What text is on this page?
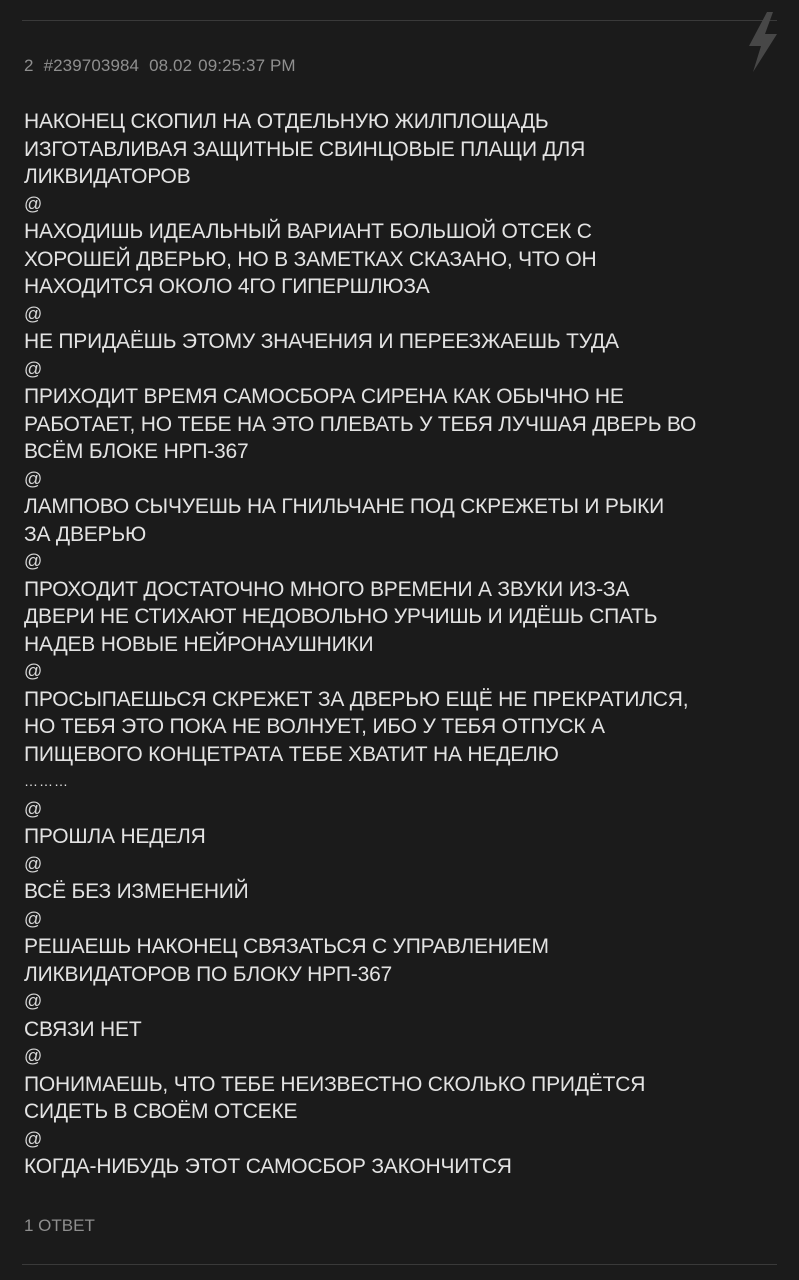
2 #239703984 08.02 09:25:37 PM
НАКОНЕЦ СКОПИЛ НА ОТДЕЛЬНУЮ ЖИЛПЛОЩАДЬ
ИЗГОТАВЛИВАЯ ЗАЩИТНЫЕ СВИНЦОВЫЕ ПЛАЩИ ДЛЯ
ЛИКВИДАТОРОВ
@
НАХОДИШЬ ИДЕАЛЬНЫЙ ВАРИАНТ БОЛЬШОЙ ОТСЕК С
ХОРОШЕЙ ДВЕРЬЮ, НО В ЗАМЕТКАХ СКАЗАНО, ЧТО ОН
НАХОДИТСЯ ОКОЛО 4ГО ГИПЕРШЛЮЗА
@
НЕ ПРИДАЁШЬ ЭТОМУ ЗНАЧЕНИЯ И ПЕРЕЕЗЖАЕШЬ ТУДА
@
ПРИХОДИТ ВРЕМЯ САМОСБОРА СИРЕНА КАК ОБЫЧНО НЕ
РАБОТАЕТ, НО ТЕБЕ НА ЭТО ПЛЕВАТЬ У ТЕБЯ ЛУЧШАЯ ДВЕРЬ ВО
ВСЁМ БЛОКЕ НРП-367
@
ЛАМПОВО СЫЧУЕШЬ НА ГНИЛЬЧАНЕ ПОД СКРЕЖЕТЫ И РЫКИ
ЗА ДВЕРЬЮ
@
ПРОХОДИТ ДОСТАТОЧНО МНОГО ВРЕМЕНИ А ЗВУКИ ИЗ-ЗА
ДВЕРИ НЕ СТИХАЮТ НЕДОВОЛЬНО УРЧИШЬ И ИДЁШЬ СПАТЬ
НАДЕВ НОВЫЕ НЕЙРОНАУШНИКИ
@
ПРОСЫПАЕШЬСЯ СКРЕЖЕТ ЗА ДВЕРЬЮ ЕЩЁ НЕ ПРЕКРАТИЛСЯ,
НО ТЕБЯ ЭТО ПОКА НЕ ВОЛНУЕТ, ИБО У ТЕБЯ ОТПУСК А
ПИЩЕВОГО КОНЦЕТРАТА ТЕБЕ ХВАТИТ НА НЕДЕЛЮ
………
@
ПРОШЛА НЕДЕЛЯ
@
ВСЁ БЕЗ ИЗМЕНЕНИЙ
@
РЕШАЕШЬ НАКОНЕЦ СВЯЗАТЬСЯ С УПРАВЛЕНИЕМ
ЛИКВИДАТОРОВ ПО БЛОКУ НРП-367
@
СВЯЗИ НЕТ
@
ПОНИМАЕШЬ, ЧТО ТЕБЕ НЕИЗВЕСТНО СКОЛЬКО ПРИДЁТСЯ
СИДЕТЬ В СВОЁМ ОТСЕКЕ
@
КОГДА-НИБУДЬ ЭТОТ САМОСБОР ЗАКОНЧИТСЯ
1 ОТВЕТ
